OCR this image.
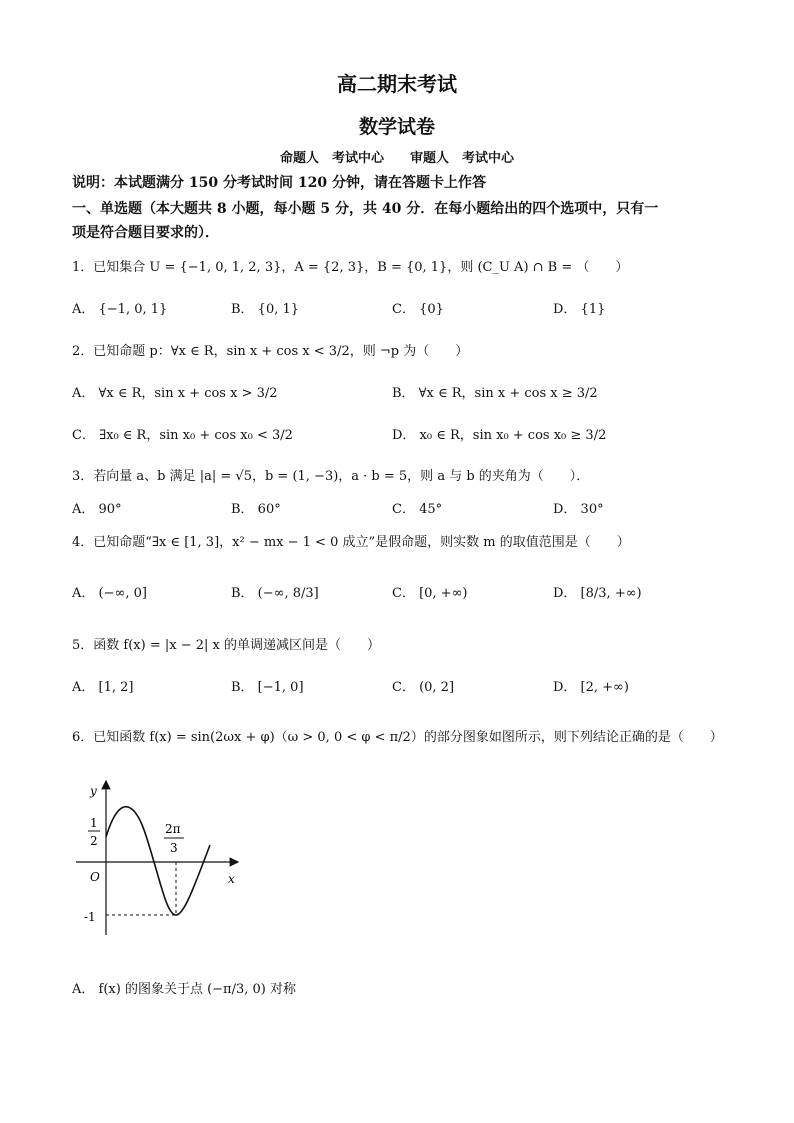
高二期末考试
数学试卷
命题人　考试中心　　审题人　考试中心
说明：本试题满分 150 分考试时间 120 分钟，请在答题卡上作答
一、单选题（本大题共 8 小题，每小题 5 分，共 40 分．在每小题给出的四个选项中，只有一
项是符合题目要求的）．
1．已知集合 U = {−1, 0, 1, 2, 3}，A = {2, 3}，B = {0, 1}，则 (C_U A) ∩ B = （　　）
A． {−1, 0, 1}	B． {0, 1}	C． {0}	D． {1}
2．已知命题 p：∀x ∈ R，sin x + cos x < 3/2，则 ¬p 为（　　）
A． ∀x ∈ R，sin x + cos x > 3/2	B． ∀x ∈ R，sin x + cos x ≥ 3/2
C． ∃x₀ ∈ R，sin x₀ + cos x₀ < 3/2	D． x₀ ∈ R，sin x₀ + cos x₀ ≥ 3/2
3．若向量 a、b 满足 |a| = √5，b = (1, −3)，a · b = 5，则 a 与 b 的夹角为（　　）．
A． 90°	B． 60°	C． 45°	D． 30°
4．已知命题“∃x ∈ [1, 3]，x² − mx − 1 < 0 成立”是假命题，则实数 m 的取值范围是（　　）
A． (−∞, 0]	B． (−∞, 8/3]	C． [0, +∞)	D． [8/3, +∞)
5．函数 f(x) = |x − 2| x 的单调递减区间是（　　）
A． [1, 2]	B． [−1, 0]	C． (0, 2]	D． [2, +∞)
6．已知函数 f(x) = sin(2ωx + φ)（ω > 0, 0 < φ < π/2）的部分图象如图所示，则下列结论正确的是（　　）
y
x
O
1
2
-1
2π
3
A． f(x) 的图象关于点 (−π/3, 0) 对称
